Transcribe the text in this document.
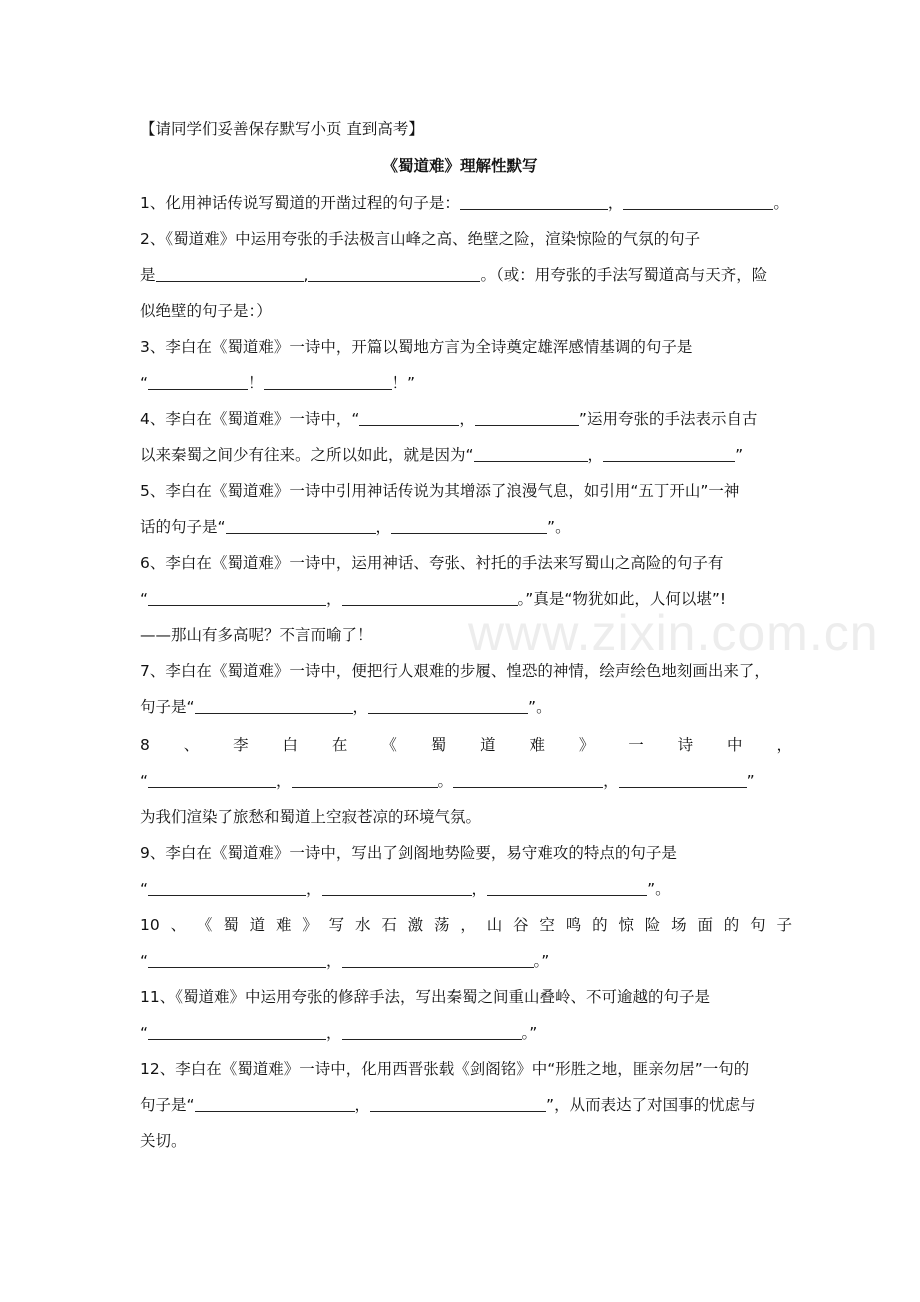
【请同学们妥善保存默写小页 直到高考】
《蜀道难》理解性默写
1、化用神话传说写蜀道的开凿过程的句子是：	，	。
2、《蜀道难》中运用夸张的手法极言山峰之高、绝壁之险，渲染惊险的气氛的句子
是	,	。（或：用夸张的手法写蜀道高与天齐，险
似绝壁的句子是：）
3、李白在《蜀道难》一诗中，开篇以蜀地方言为全诗奠定雄浑感情基调的句子是
“	！	！”
4、李白在《蜀道难》一诗中，“	，	”运用夸张的手法表示自古
以来秦蜀之间少有往来。之所以如此，就是因为“	，	”
5、李白在《蜀道难》一诗中引用神话传说为其增添了浪漫气息，如引用“五丁开山”一神
话的句子是“	，	”。
6、李白在《蜀道难》一诗中，运用神话、夸张、衬托的手法来写蜀山之高险的句子有
“	，	。”真是“物犹如此，人何以堪”!
——那山有多高呢？不言而喻了！
7、李白在《蜀道难》一诗中，便把行人艰难的步履、惶恐的神情，绘声绘色地刻画出来了，
句子是“	，	”。
8 、 李 白 在 《 蜀 道 难 》 一 诗 中 ，
“	，	。	，	”
为我们渲染了旅愁和蜀道上空寂苍凉的环境气氛。
9、李白在《蜀道难》一诗中，写出了剑阁地势险要，易守难攻的特点的句子是
“	，	，	”。
10 、 《 蜀 道 难 》 写 水 石 激 荡 ， 山 谷 空 鸣 的 惊 险 场 面 的 句 子
“	，	。”
11、《蜀道难》中运用夸张的修辞手法，写出秦蜀之间重山叠岭、不可逾越的句子是
“	，	。”
12、李白在《蜀道难》一诗中，化用西晋张载《剑阁铭》中“形胜之地，匪亲勿居”一句的
句子是“	，	”，从而表达了对国事的忧虑与
关切。
www.zixin.com.cn
